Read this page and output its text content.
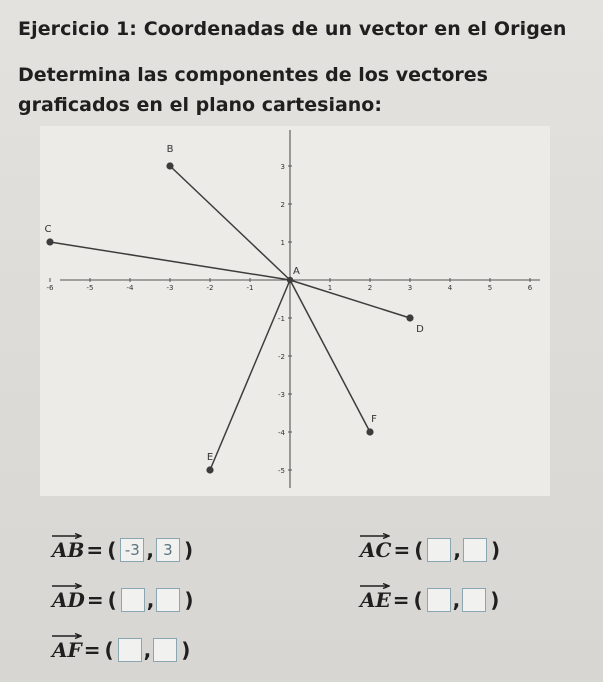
Ejercicio 1: Coordenadas de un vector en el Origen
Determina las componentes de los vectores
graficados en el plano cartesiano:
-6	-5	-4	-3	-2	-1	1	2	3	4	5	6
3
2
1
-1
-2
-3
-4
-5
A
B
C
D
E
F
AB = ( -3 , 3 )	AC = ( , )
AD = ( , )	AE = ( , )
AF = ( , )
